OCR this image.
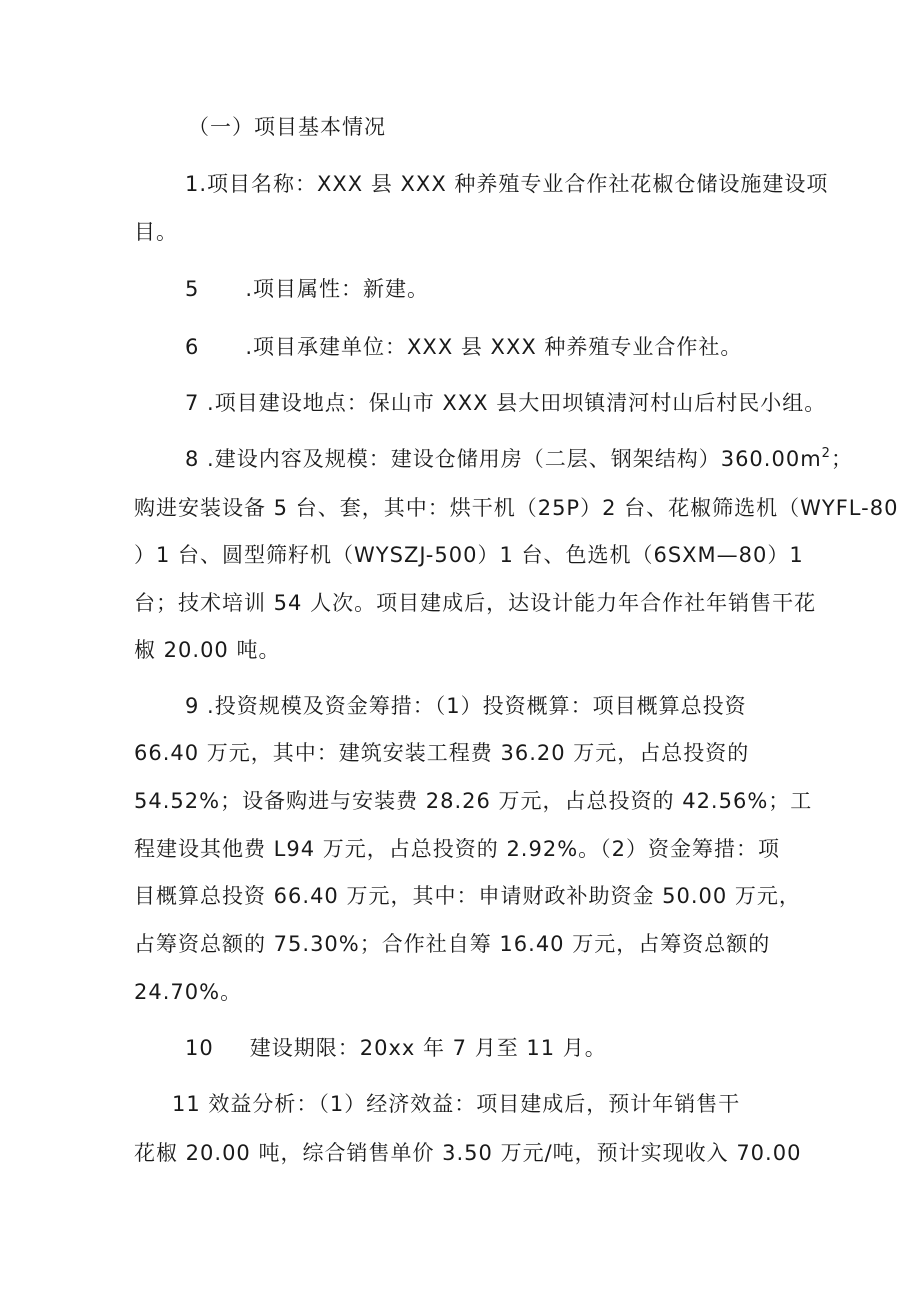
（一）项目基本情况
1.项目名称：XXX 县 XXX 种养殖专业合作社花椒仓储设施建设项
目。
5 .项目属性：新建。
6 .项目承建单位：XXX 县 XXX 种养殖专业合作社。
7 .项目建设地点：保山市 XXX 县大田坝镇清河村山后村民小组。
8 .建设内容及规模：建设仓储用房（二层、钢架结构）$360.00m^2$；
购进安装设备 5 台、套，其中：烘干机（25P）2 台、花椒筛选机（WYFL-80
）1 台、圆型筛籽机（WYSZJ-500）1 台、色选机（6SXM—80）1
台；技术培训 54 人次。项目建成后，达设计能力年合作社年销售干花
椒 20.00 吨。
9 .投资规模及资金筹措：（1）投资概算：项目概算总投资
66.40 万元，其中：建筑安装工程费 36.20 万元，占总投资的
54.52%；设备购进与安装费 28.26 万元，占总投资的 42.56%；工
程建设其他费 L94 万元，占总投资的 2.92%。（2）资金筹措：项
目概算总投资 66.40 万元，其中：申请财政补助资金 50.00 万元，
占筹资总额的 75.30%；合作社自筹 16.40 万元，占筹资总额的
24.70%。
10 建设期限：20xx 年 7 月至 11 月。
11 效益分析：（1）经济效益：项目建成后，预计年销售干
花椒 20.00 吨，综合销售单价 3.50 万元/吨，预计实现收入 70.00
